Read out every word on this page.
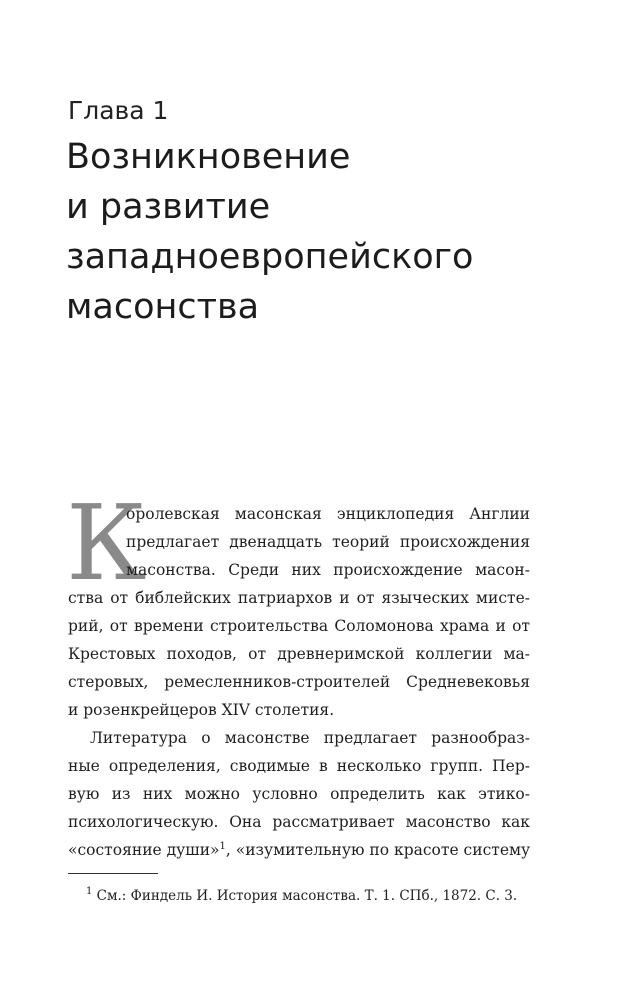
Глава 1
Возникновение
и развитие
западноевропейского
масонства
К
оролевская масонская энциклопедия Англии
предлагает двенадцать теорий происхождения
масонства. Среди них происхождение масон-
ства от библейских патриархов и от языческих мисте-
рий, от времени строительства Соломонова храма и от
Крестовых походов, от древнеримской коллегии ма-
стеровых, ремесленников-строителей Средневековья
и розенкрейцеров XIV столетия.
Литература о масонстве предлагает разнообраз-
ные определения, сводимые в несколько групп. Пер-
вую из них можно условно определить как этико-
психологическую. Она рассматривает масонство как
«состояние души»$^1$, «изумительную по красоте систему
$^1$ См.: Финдель И. История масонства. Т. 1. СПб., 1872. С. 3.
